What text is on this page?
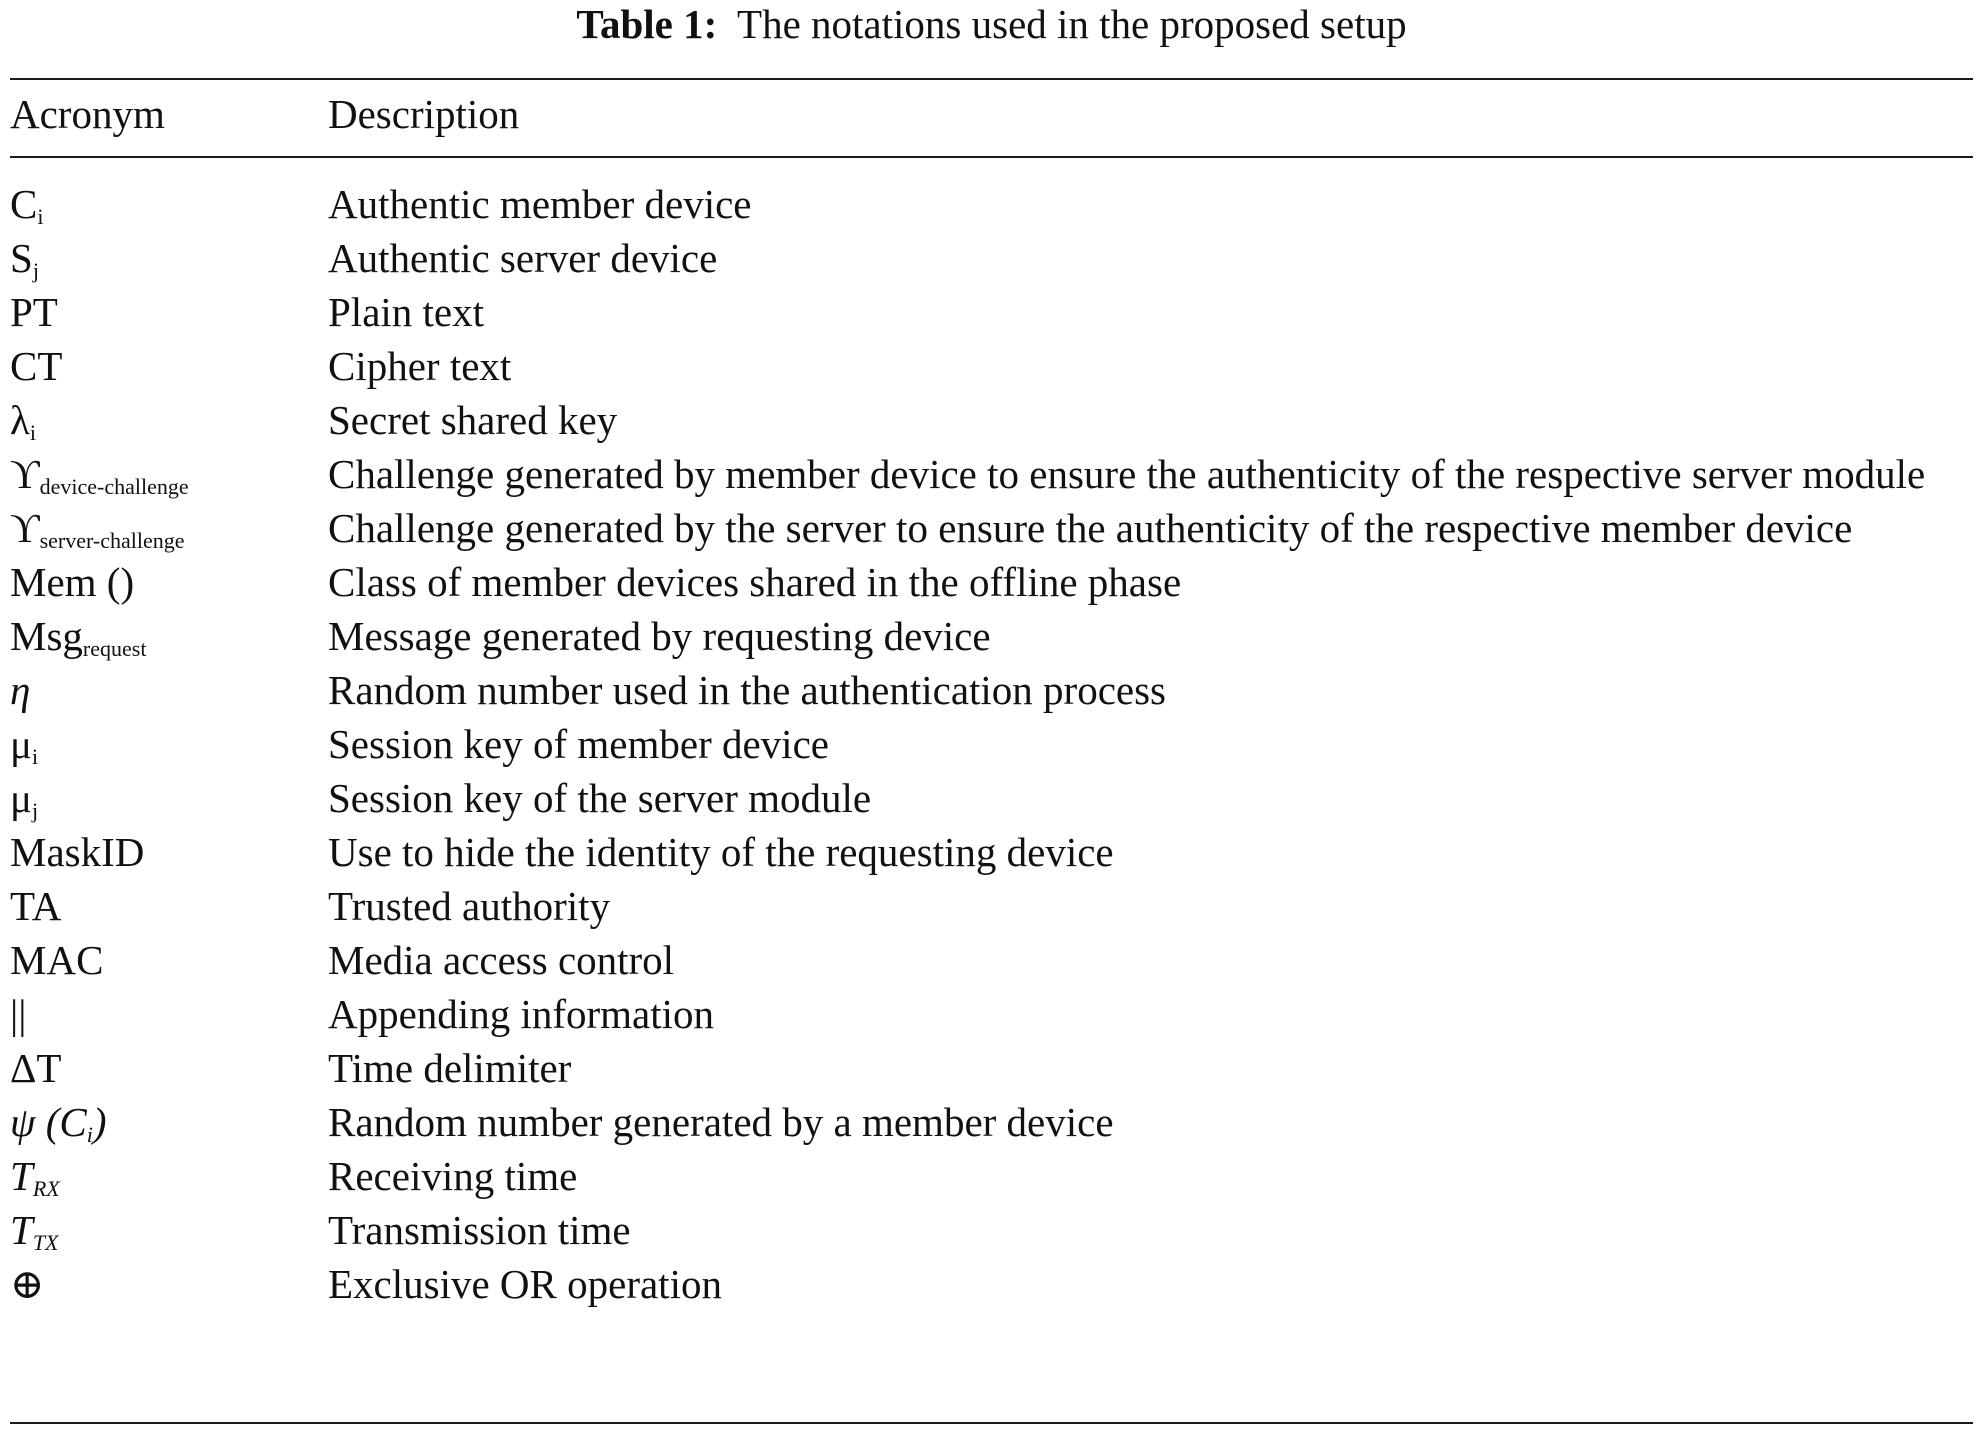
Table 1: The notations used in the proposed setup
Acronym	Description
$C_i$	Authentic member device
$S_j$	Authentic server device
PT	Plain text
CT	Cipher text
$\lambda_i$	Secret shared key
$ϒ_{device-challenge}$	Challenge generated by member device to ensure the authenticity of the respective server module
$ϒ_{server-challenge}$	Challenge generated by the server to ensure the authenticity of the respective member device
Mem ()	Class of member devices shared in the offline phase
Msg$_{request}$	Message generated by requesting device
η	Random number used in the authentication process
$\mu_i$	Session key of member device
$\mu_j$	Session key of the server module
MaskID	Use to hide the identity of the requesting device
TA	Trusted authority
MAC	Media access control
||	Appending information
ΔT	Time delimiter
ψ $(C_i)$	Random number generated by a member device
$T_{RX}$	Receiving time
$T_{TX}$	Transmission time
⊕	Exclusive OR operation
